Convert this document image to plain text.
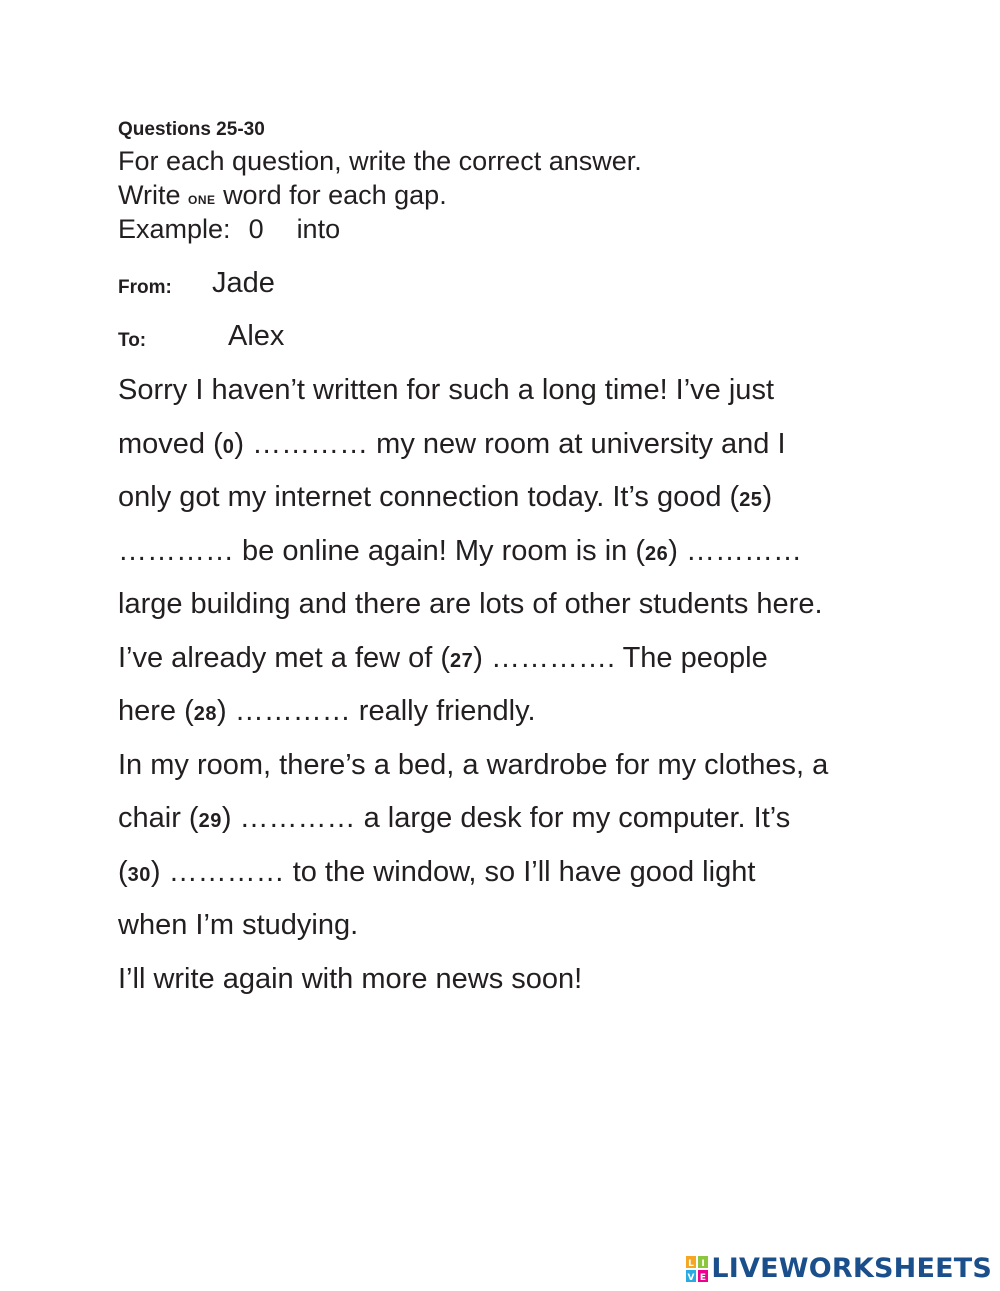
Questions 25-30
For each question, write the correct answer.
Write one word for each gap.
Example: 0 into
From: Jade
To:	Alex
Sorry I haven’t written for such a long time! I’ve just
moved (0) ………… my new room at university and I
only got my internet connection today. It’s good (25)
………… be online again! My room is in (26) …………
large building and there are lots of other students here.
I’ve already met a few of (27) …………. The people
here (28) ………… really friendly.
In my room, there’s a bed, a wardrobe for my clothes, a
chair (29) ………… a large desk for my computer. It’s
(30) ………… to the window, so I’ll have good light
when I’m studying.
I’ll write again with more news soon!
L I
V E LIVEWORKSHEETS
